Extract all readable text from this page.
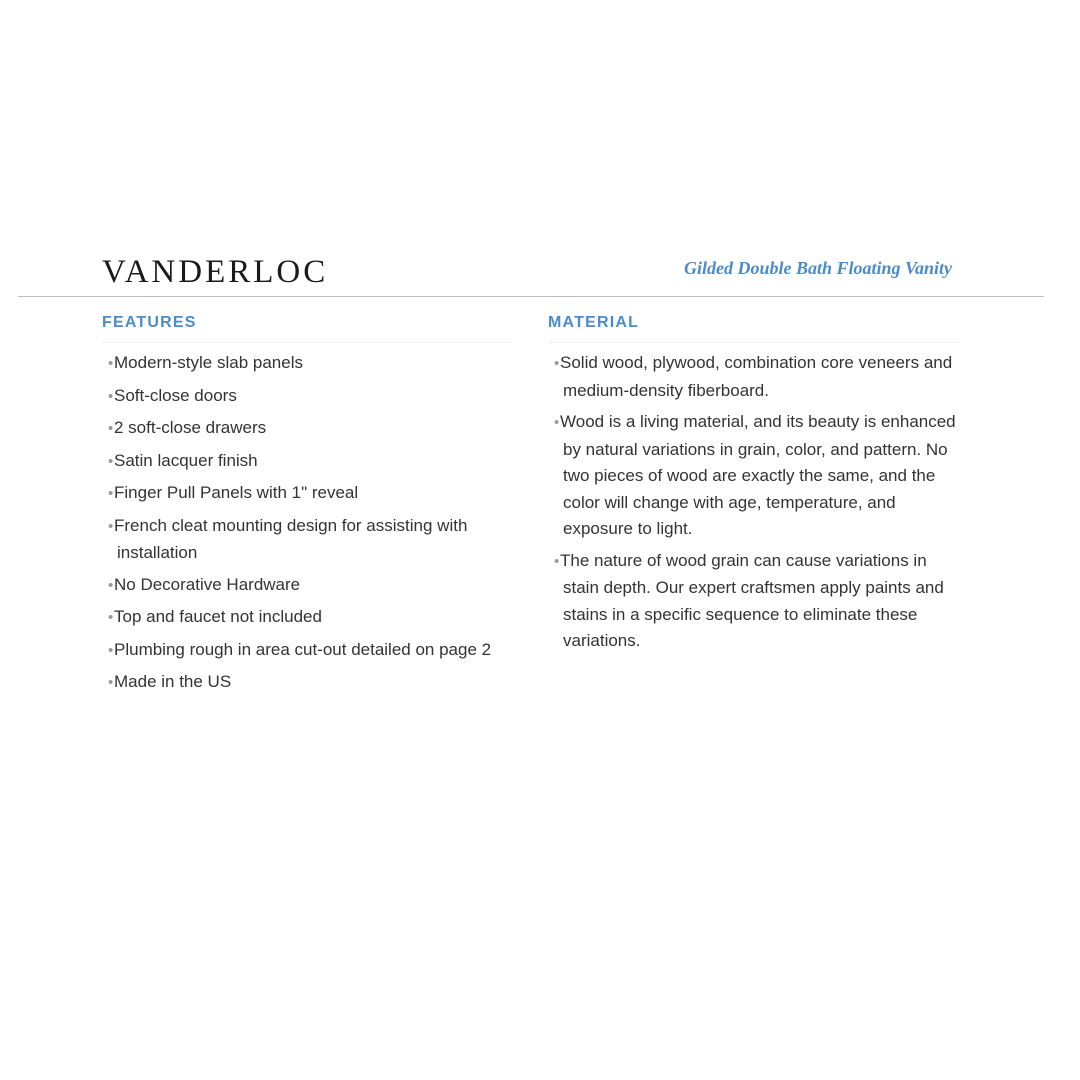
VANDERLOC	Gilded Double Bath Floating Vanity
FEATURES
•Modern-style slab panels
•Soft-close doors
•2 soft-close drawers
•Satin lacquer finish
•Finger Pull Panels with 1" reveal
•French cleat mounting design for assisting with installation
•No Decorative Hardware
•Top and faucet not included
•Plumbing rough in area cut-out detailed on page 2
•Made in the US
MATERIAL
•Solid wood, plywood, combination core veneers and medium-density fiberboard.
•Wood is a living material, and its beauty is enhanced by natural variations in grain, color, and pattern. No two pieces of wood are exactly the same, and the color will change with age, temperature, and exposure to light.
•The nature of wood grain can cause variations in stain depth. Our expert craftsmen apply paints and stains in a specific sequence to eliminate these variations.
